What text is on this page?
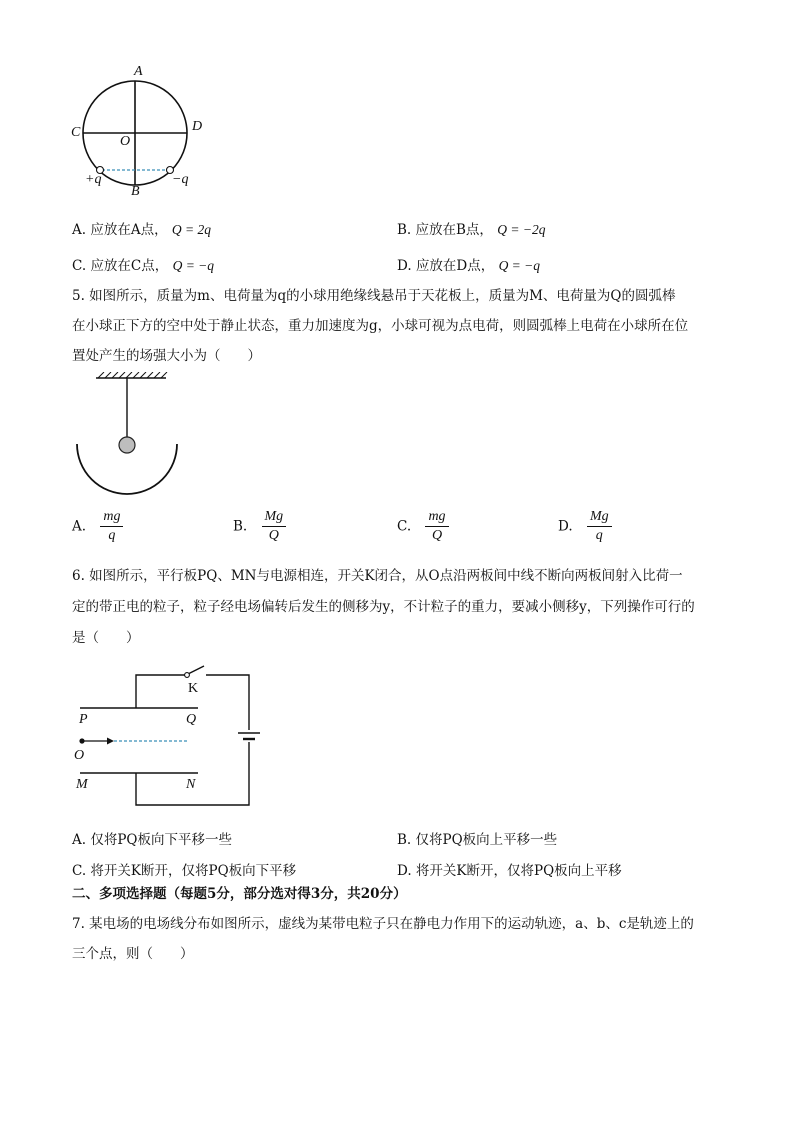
A
C	D
O
B
+q	−q
A. 应放在A点， Q = 2q	B. 应放在B点， Q = −2q
C. 应放在C点， Q = −q	D. 应放在D点， Q = −q
5. 如图所示，质量为m、电荷量为q的小球用绝缘线悬吊于天花板上，质量为M、电荷量为Q的圆弧棒
在小球正下方的空中处于静止状态，重力加速度为g，小球可视为点电荷，则圆弧棒上电荷在小球所在位
置处产生的场强大小为（　　）
A. $\frac{mg}{q}$	B. $\frac{Mg}{Q}$	C. $\frac{mg}{Q}$	D. $\frac{Mg}{q}$
6. 如图所示，平行板PQ、MN与电源相连，开关K闭合，从O点沿两板间中线不断向两板间射入比荷一
定的带正电的粒子，粒子经电场偏转后发生的侧移为y，不计粒子的重力，要减小侧移y，下列操作可行的
是（　　）
K
P	Q
O
M	N
A. 仅将PQ板向下平移一些	B. 仅将PQ板向上平移一些
C. 将开关K断开，仅将PQ板向下平移	D. 将开关K断开，仅将PQ板向上平移
二、多项选择题（每题5分，部分选对得3分，共20分）
7. 某电场的电场线分布如图所示，虚线为某带电粒子只在静电力作用下的运动轨迹，a、b、c是轨迹上的
三个点，则（　　）
